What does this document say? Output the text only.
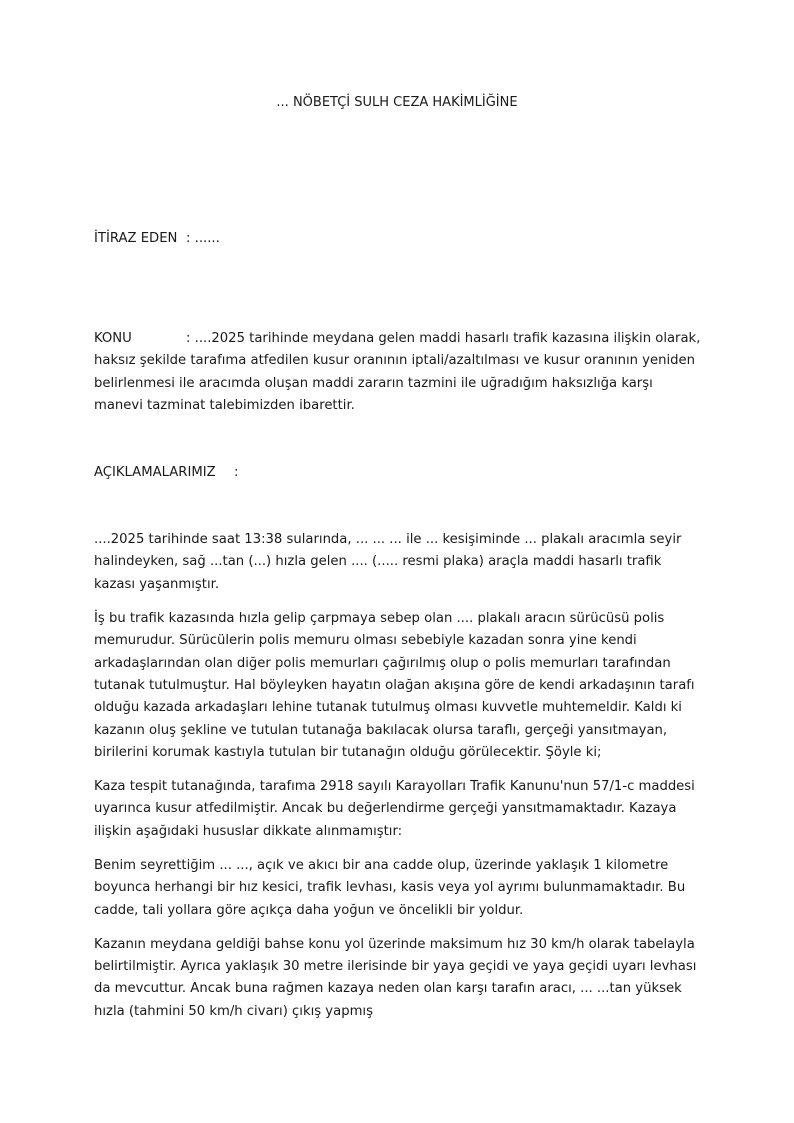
... NÖBETÇİ SULH CEZA HAKİMLİĞİNE
İTİRAZ EDEN : ......
KONU	: ....2025 tarihinde meydana gelen maddi hasarlı trafik kazasına ilişkin olarak, haksız şekilde tarafıma atfedilen kusur oranının iptali/azaltılması ve kusur oranının yeniden belirlenmesi ile aracımda oluşan maddi zararın tazmini ile uğradığım haksızlığa karşı manevi tazminat talebimizden ibarettir.
AÇIKLAMALARIMIZ :

....2025 tarihinde saat 13:38 sularında, ... ... ... ile ... kesişiminde ... plakalı aracımla seyir halindeyken, sağ ...tan (...) hızla gelen .... (..... resmi plaka) araçla maddi hasarlı trafik kazası yaşanmıştır.

İş bu trafik kazasında hızla gelip çarpmaya sebep olan .... plakalı aracın sürücüsü polis memurudur. Sürücülerin polis memuru olması sebebiyle kazadan sonra yine kendi arkadaşlarından olan diğer polis memurları çağırılmış olup o polis memurları tarafından tutanak tutulmuştur. Hal böyleyken hayatın olağan akışına göre de kendi arkadaşının tarafı olduğu kazada arkadaşları lehine tutanak tutulmuş olması kuvvetle muhtemeldir. Kaldı ki kazanın oluş şekline ve tutulan tutanağa bakılacak olursa taraflı, gerçeği yansıtmayan, birilerini korumak kastıyla tutulan bir tutanağın olduğu görülecektir. Şöyle ki;

Kaza tespit tutanağında, tarafıma 2918 sayılı Karayolları Trafik Kanunu'nun 57/1-c maddesi uyarınca kusur atfedilmiştir. Ancak bu değerlendirme gerçeği yansıtmamaktadır. Kazaya ilişkin aşağıdaki hususlar dikkate alınmamıştır:

Benim seyrettiğim ... ..., açık ve akıcı bir ana cadde olup, üzerinde yaklaşık 1 kilometre boyunca herhangi bir hız kesici, trafik levhası, kasis veya yol ayrımı bulunmamaktadır. Bu cadde, tali yollara göre açıkça daha yoğun ve öncelikli bir yoldur.

Kazanın meydana geldiği bahse konu yol üzerinde maksimum hız 30 km/h olarak tabelayla belirtilmiştir. Ayrıca yaklaşık 30 metre ilerisinde bir yaya geçidi ve yaya geçidi uyarı levhası da mevcuttur. Ancak buna rağmen kazaya neden olan karşı tarafın aracı, ... ...tan yüksek hızla (tahmini 50 km/h civarı) çıkış yapmış
